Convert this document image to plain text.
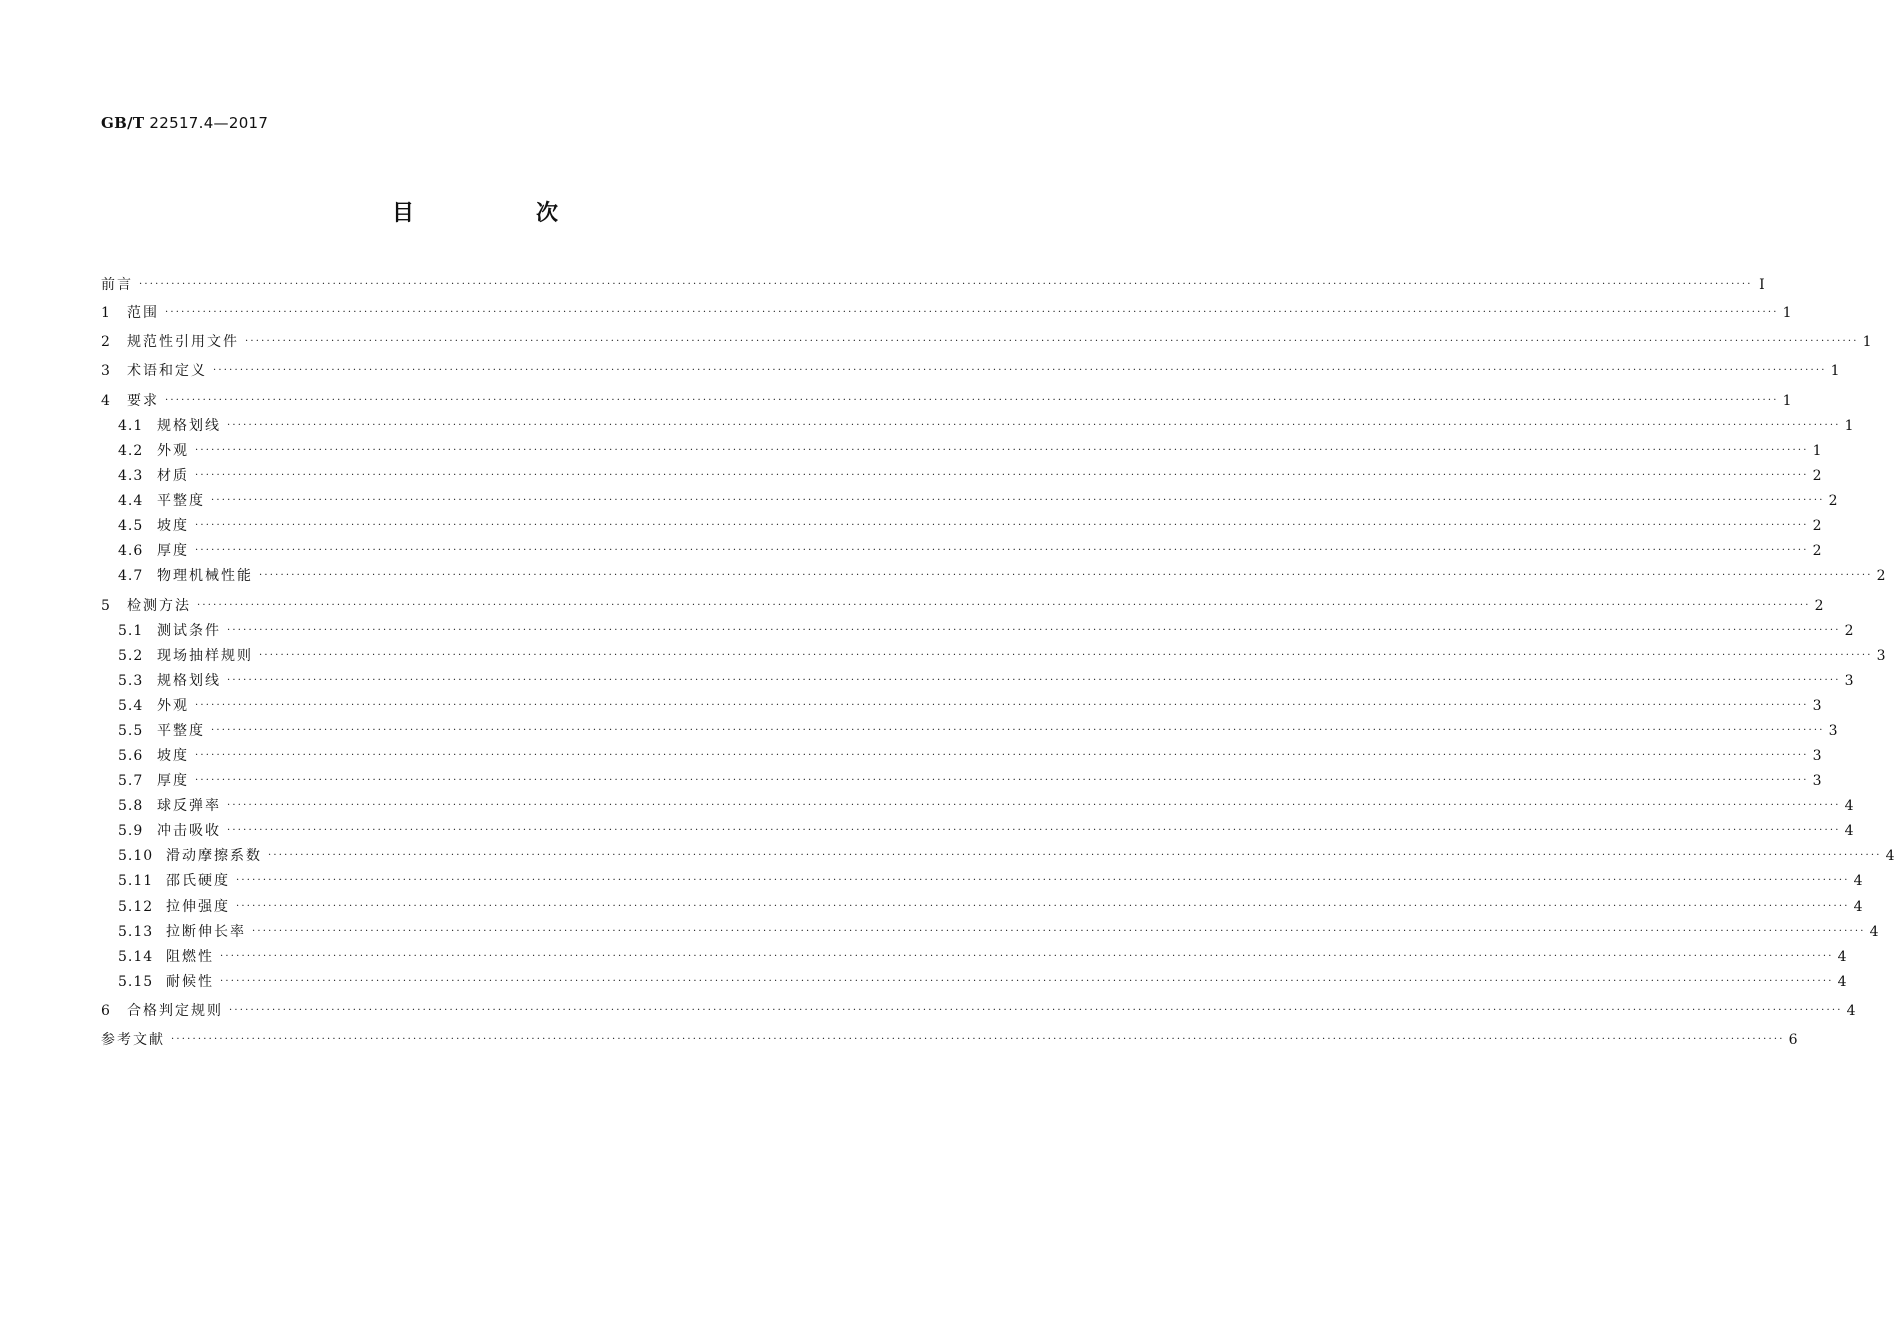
GB/T 22517.4—2017
目　次
前言 ············································································································································································································································································································ Ⅰ
1	范围 ············································································································································································································································································································ 1
2	规范性引用文件 ············································································································································································································································································································ 1
3	术语和定义 ············································································································································································································································································································ 1
4	要求 ············································································································································································································································································································ 1
4.1 规格划线 ············································································································································································································································································································ 1
4.2 外观 ············································································································································································································································································································ 1
4.3 材质 ············································································································································································································································································································ 2
4.4 平整度 ············································································································································································································································································································ 2
4.5 坡度 ············································································································································································································································································································ 2
4.6 厚度 ············································································································································································································································································································ 2
4.7 物理机械性能 ············································································································································································································································································································ 2
5	检测方法 ············································································································································································································································································································ 2
5.1 测试条件 ············································································································································································································································································································ 2
5.2 现场抽样规则 ············································································································································································································································································································ 3
5.3 规格划线 ············································································································································································································································································································ 3
5.4 外观 ············································································································································································································································································································ 3
5.5 平整度 ············································································································································································································································································································ 3
5.6 坡度 ············································································································································································································································································································ 3
5.7 厚度 ············································································································································································································································································································ 3
5.8 球反弹率 ············································································································································································································································································································ 4
5.9 冲击吸收 ············································································································································································································································································································ 4
5.10 滑动摩擦系数 ············································································································································································································································································································ 4
5.11 邵氏硬度 ············································································································································································································································································································ 4
5.12 拉伸强度 ············································································································································································································································································································ 4
5.13 拉断伸长率 ············································································································································································································································································································ 4
5.14 阻燃性 ············································································································································································································································································································ 4
5.15 耐候性 ············································································································································································································································································································ 4
6	合格判定规则 ············································································································································································································································································································ 4
参考文献 ············································································································································································································································································································ 6
